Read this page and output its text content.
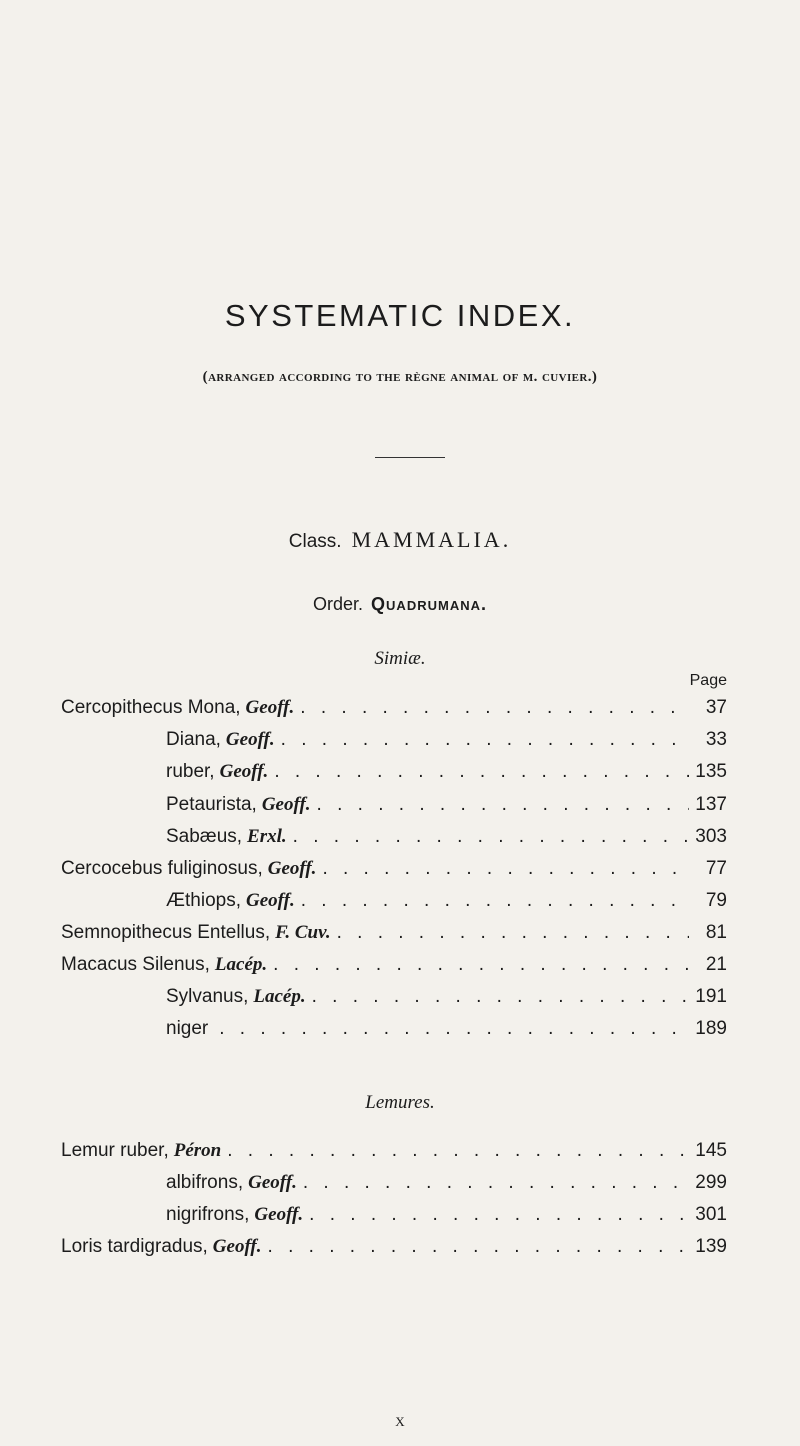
SYSTEMATIC INDEX.
(arranged according to the règne animal of m. cuvier.)
Class. MAMMALIA.
Order. Quadrumana.
Simiæ.
Page
Cercopithecus Mona, Geoff. . . .	37
Diana, Geoff. . . .	33
ruber, Geoff. . . .	135
Petaurista, Geoff. . . .	137
Sabæus, Erxl. . . .	303
Cercocebus fuliginosus, Geoff. . . .	77
Æthiops, Geoff. . . .	79
Semnopithecus Entellus, F. Cuv. . . .	81
Macacus Silenus, Lacép. . . .	21
Sylvanus, Lacép. . . .	191
niger . . .	189
Lemures.
Lemur ruber, Péron . . .	145
albifrons, Geoff. . . .	299
nigrifrons, Geoff. . . .	301
Loris tardigradus, Geoff. . . .	139
x
